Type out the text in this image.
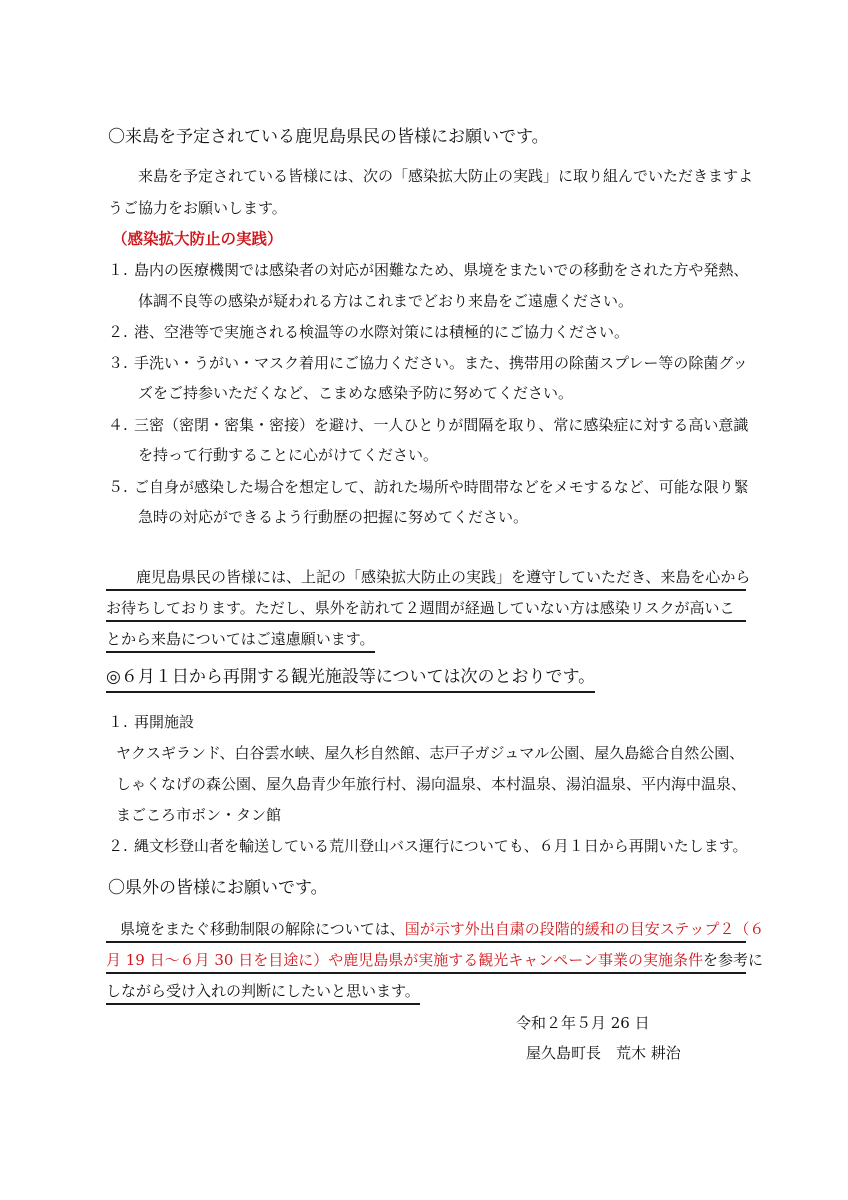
〇来島を予定されている鹿児島県民の皆様にお願いです。
来島を予定されている皆様には、次の「感染拡大防止の実践」に取り組んでいただきますよ
うご協力をお願いします。
（感染拡大防止の実践）
１. 島内の医療機関では感染者の対応が困難なため、県境をまたいでの移動をされた方や発熱、
体調不良等の感染が疑われる方はこれまでどおり来島をご遠慮ください。
２. 港、空港等で実施される検温等の水際対策には積極的にご協力ください。
３. 手洗い・うがい・マスク着用にご協力ください。また、携帯用の除菌スプレー等の除菌グッ
ズをご持参いただくなど、こまめな感染予防に努めてください。
４. 三密（密閉・密集・密接）を避け、一人ひとりが間隔を取り、常に感染症に対する高い意識
を持って行動することに心がけてください。
５. ご自身が感染した場合を想定して、訪れた場所や時間帯などをメモするなど、可能な限り緊
急時の対応ができるよう行動歴の把握に努めてください。
鹿児島県民の皆様には、上記の「感染拡大防止の実践」を遵守していただき、来島を心から
お待ちしております。ただし、県外を訪れて２週間が経過していない方は感染リスクが高いこ
とから来島についてはご遠慮願います。
◎６月１日から再開する観光施設等については次のとおりです。
１. 再開施設
ヤクスギランド、白谷雲水峡、屋久杉自然館、志戸子ガジュマル公園、屋久島総合自然公園、
しゃくなげの森公園、屋久島青少年旅行村、湯向温泉、本村温泉、湯泊温泉、平内海中温泉、
まごころ市ボン・タン館
２. 縄文杉登山者を輸送している荒川登山バス運行についても、６月１日から再開いたします。
〇県外の皆様にお願いです。
県境をまたぐ移動制限の解除については、国が示す外出自粛の段階的緩和の目安ステップ２（６
月 19 日～６月 30 日を目途に）や鹿児島県が実施する観光キャンペーン事業の実施条件を参考に
しながら受け入れの判断にしたいと思います。
令和２年５月 26 日
屋久島町長　荒木 耕治
